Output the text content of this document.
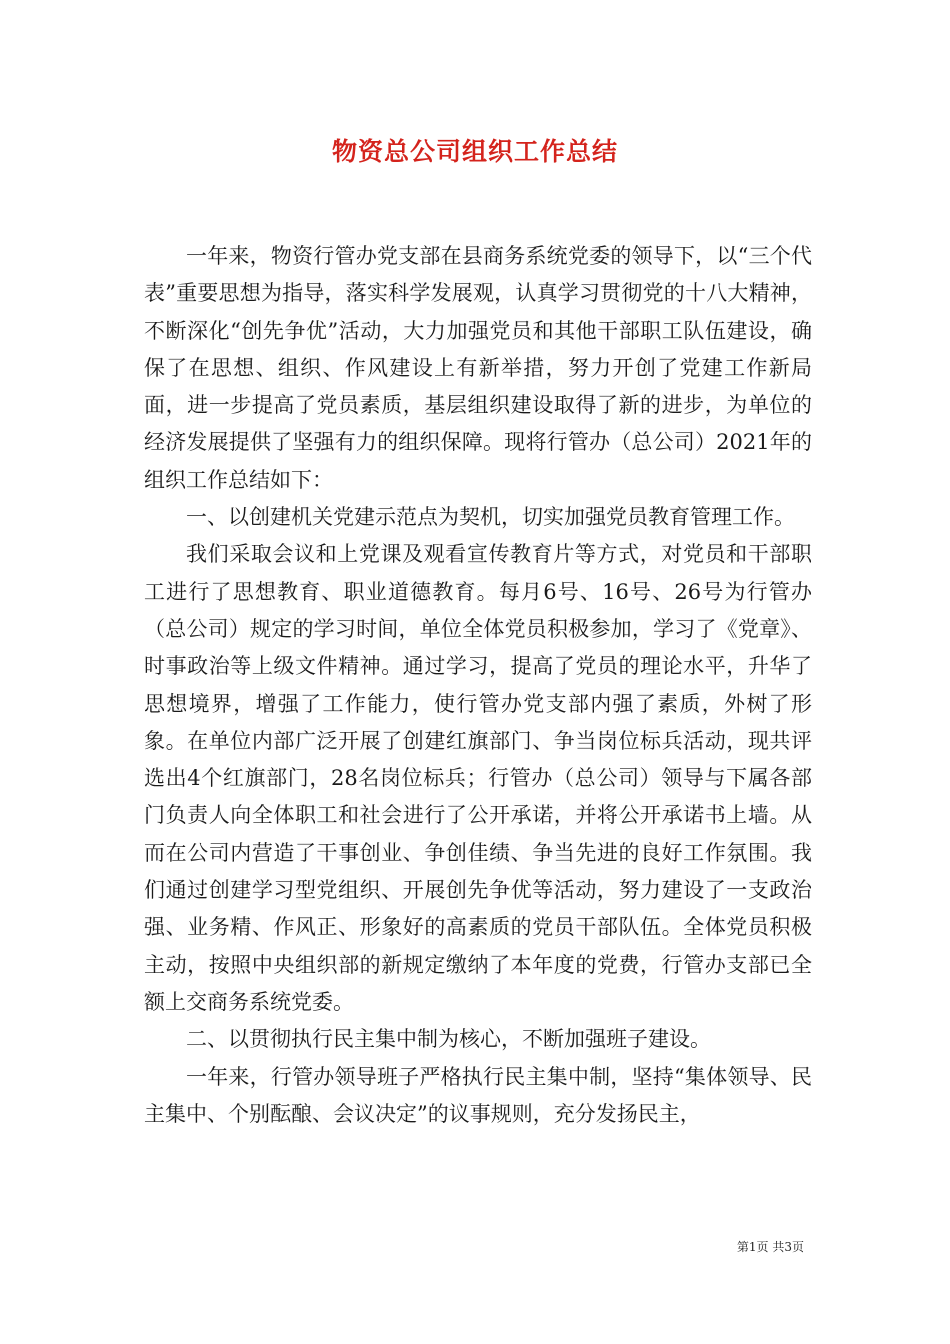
物资总公司组织工作总结

一年来，物资行管办党支部在县商务系统党委的领导下，以“三个代表”重要思想为指导，落实科学发展观，认真学习贯彻党的十八大精神，不断深化“创先争优”活动，大力加强党员和其他干部职工队伍建设，确保了在思想、组织、作风建设上有新举措，努力开创了党建工作新局面，进一步提高了党员素质，基层组织建设取得了新的进步，为单位的经济发展提供了坚强有力的组织保障。现将行管办（总公司）2021年的组织工作总结如下：

一、以创建机关党建示范点为契机，切实加强党员教育管理工作。

我们采取会议和上党课及观看宣传教育片等方式，对党员和干部职工进行了思想教育、职业道德教育。每月6号、16号、26号为行管办（总公司）规定的学习时间，单位全体党员积极参加，学习了《党章》、时事政治等上级文件精神。通过学习，提高了党员的理论水平，升华了思想境界，增强了工作能力，使行管办党支部内强了素质，外树了形象。在单位内部广泛开展了创建红旗部门、争当岗位标兵活动，现共评选出4个红旗部门，28名岗位标兵；行管办（总公司）领导与下属各部门负责人向全体职工和社会进行了公开承诺，并将公开承诺书上墙。从而在公司内营造了干事创业、争创佳绩、争当先进的良好工作氛围。我们通过创建学习型党组织、开展创先争优等活动，努力建设了一支政治强、业务精、作风正、形象好的高素质的党员干部队伍。全体党员积极主动，按照中央组织部的新规定缴纳了本年度的党费，行管办支部已全额上交商务系统党委。

二、以贯彻执行民主集中制为核心，不断加强班子建设。

一年来，行管办领导班子严格执行民主集中制，坚持“集体领导、民主集中、个别酝酿、会议决定”的议事规则，充分发扬民主，

第1页 共3页
